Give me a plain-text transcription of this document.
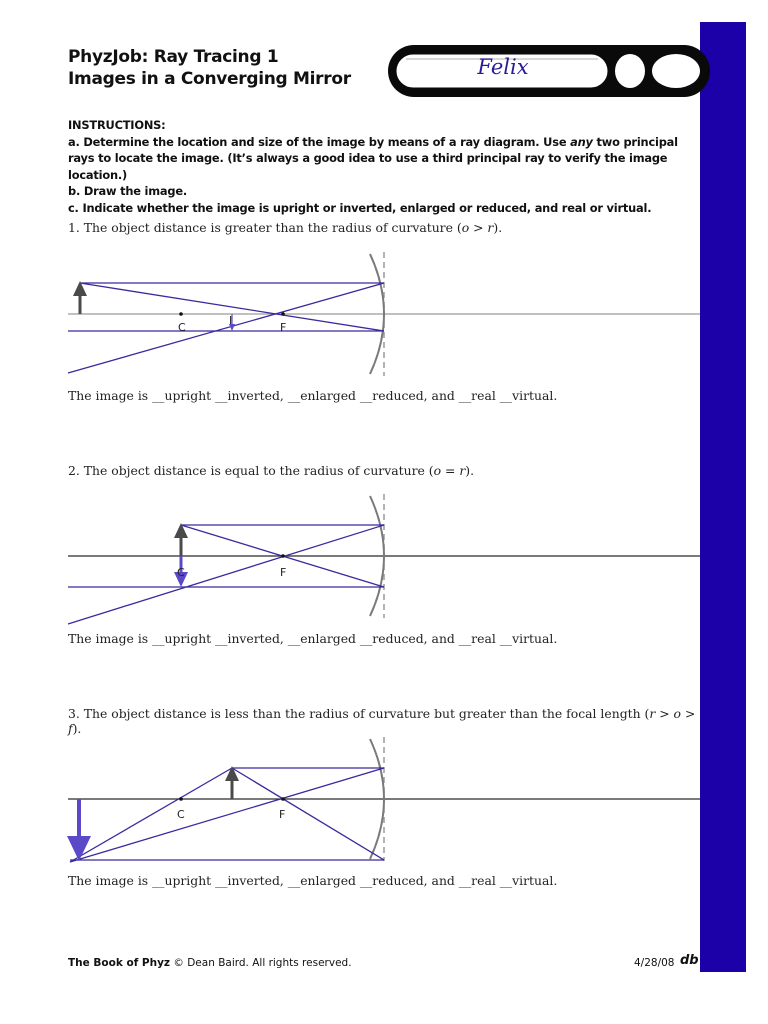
PhyzJob: Ray Tracing 1
Images in a Converging Mirror	Felix
INSTRUCTIONS:
a. Determine the location and size of the image by means of a ray diagram. Use any two principal rays to locate the image. (It’s always a good idea to use a third principal ray to verify the image location.)
b. Draw the image.
c. Indicate whether the image is upright or inverted, enlarged or reduced, and real or virtual.
1. The object distance is greater than the radius of curvature (o > r).
C
I
F
The image is __upright __inverted, __enlarged __reduced, and __real __virtual.
2. The object distance is equal to the radius of curvature (o = r).
C	F
The image is __upright __inverted, __enlarged __reduced, and __real __virtual.
3. The object distance is less than the radius of curvature but greater than the focal length (r > o > f).
C	F
The image is __upright __inverted, __enlarged __reduced, and __real __virtual.
The Book of Phyz © Dean Baird. All rights reserved.	4/28/08 db
